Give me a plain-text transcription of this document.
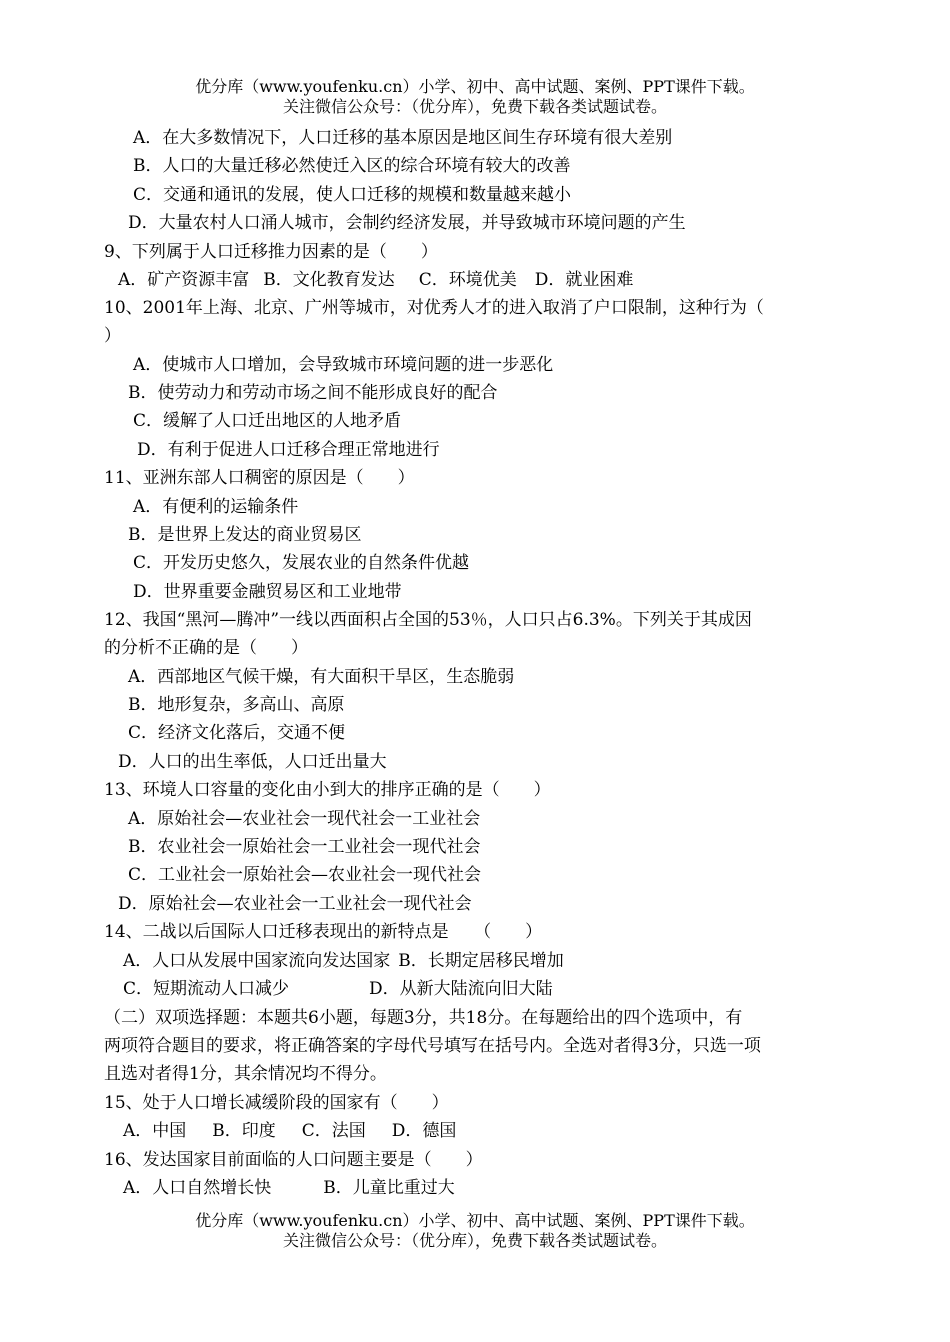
优分库（www.youfenku.cn）小学、初中、高中试题、案例、PPT课件下载。
关注微信公众号：（优分库），免费下载各类试题试卷。
A．在大多数情况下，人口迁移的基本原因是地区间生存环境有很大差别
B．人口的大量迁移必然使迁入区的综合环境有较大的改善
C．交通和通讯的发展，使人口迁移的规模和数量越来越小
D．大量农村人口涌人城市，会制约经济发展，并导致城市环境问题的产生
9、下列属于人口迁移推力因素的是（　　）
A．矿产资源丰富 B．文化教育发达 C．环境优美 D．就业困难
10、2001年上海、北京、广州等城市，对优秀人才的进入取消了户口限制，这种行为（
）
A．使城市人口增加，会导致城市环境问题的进一步恶化
B．使劳动力和劳动市场之间不能形成良好的配合
C．缓解了人口迁出地区的人地矛盾
D．有利于促进人口迁移合理正常地进行
11、亚洲东部人口稠密的原因是（　　）
A．有便利的运输条件
B．是世界上发达的商业贸易区
C．开发历史悠久，发展农业的自然条件优越
D．世界重要金融贸易区和工业地带
12、我国“黑河—腾冲”一线以西面积占全国的53％，人口只占6.3%。下列关于其成因
的分析不正确的是（　　）
A．西部地区气候干燥，有大面积干旱区，生态脆弱
B．地形复杂，多高山、高原
C．经济文化落后，交通不便
D．人口的出生率低，人口迁出量大
13、环境人口容量的变化由小到大的排序正确的是（　　）
A．原始社会—农业社会一现代社会一工业社会
B．农业社会一原始社会一工业社会一现代社会
C．工业社会一原始社会—农业社会一现代社会
D．原始社会—农业社会一工业社会一现代社会
14、二战以后国际人口迁移表现出的新特点是　　（　　）
A．人口从发展中国家流向发达国家 B．长期定居移民增加
C．短期流动人口减少	D．从新大陆流向旧大陆
（二）双项选择题：本题共6小题，每题3分，共18分。在每题给出的四个选项中，有
两项符合题目的要求，将正确答案的字母代号填写在括号内。全选对者得3分，只选一项
且选对者得1分，其余情况均不得分。
15、处于人口增长减缓阶段的国家有（　　）
A．中国 B．印度 C．法国 D．德国
16、发达国家目前面临的人口问题主要是（　　）
A．人口自然增长快	B．儿童比重过大
优分库（www.youfenku.cn）小学、初中、高中试题、案例、PPT课件下载。
关注微信公众号：（优分库），免费下载各类试题试卷。
